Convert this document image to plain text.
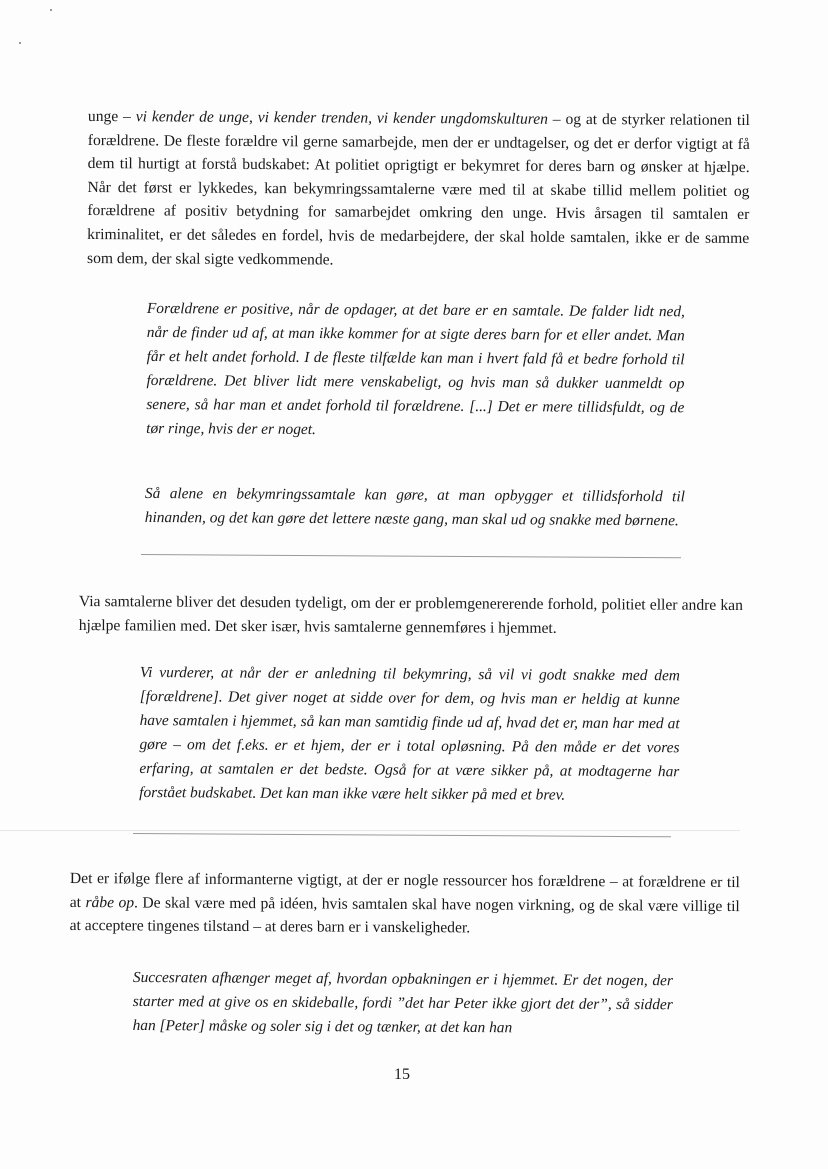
unge – vi kender de unge, vi kender trenden, vi kender ungdomskulturen – og at de styrker relationen til forældrene. De fleste forældre vil gerne samarbejde, men der er undtagelser, og det er derfor vigtigt at få dem til hurtigt at forstå budskabet: At politiet oprigtigt er bekymret for deres barn og ønsker at hjælpe. Når det først er lykkedes, kan bekymringssamtalerne være med til at skabe tillid mellem politiet og forældrene af positiv betydning for samarbejdet omkring den unge. Hvis årsagen til samtalen er kriminalitet, er det således en fordel, hvis de medarbejdere, der skal holde samtalen, ikke er de samme som dem, der skal sigte vedkommende.

Forældrene er positive, når de opdager, at det bare er en samtale. De falder lidt ned, når de finder ud af, at man ikke kommer for at sigte deres barn for et eller andet. Man får et helt andet forhold. I de fleste tilfælde kan man i hvert fald få et bedre forhold til forældrene. Det bliver lidt mere venskabeligt, og hvis man så dukker uanmeldt op senere, så har man et andet forhold til forældrene. [...] Det er mere tillidsfuldt, og de tør ringe, hvis der er noget.

Så alene en bekymringssamtale kan gøre, at man opbygger et tillidsforhold til hinanden, og det kan gøre det lettere næste gang, man skal ud og snakke med børnene.

Via samtalerne bliver det desuden tydeligt, om der er problemgenererende forhold, politiet eller andre kan hjælpe familien med. Det sker især, hvis samtalerne gennemføres i hjemmet.

Vi vurderer, at når der er anledning til bekymring, så vil vi godt snakke med dem [forældrene]. Det giver noget at sidde over for dem, og hvis man er heldig at kunne have samtalen i hjemmet, så kan man samtidig finde ud af, hvad det er, man har med at gøre – om det f.eks. er et hjem, der er i total opløsning. På den måde er det vores erfaring, at samtalen er det bedste. Også for at være sikker på, at modtagerne har forstået budskabet. Det kan man ikke være helt sikker på med et brev.

Det er ifølge flere af informanterne vigtigt, at der er nogle ressourcer hos forældrene – at forældrene er til at råbe op. De skal være med på idéen, hvis samtalen skal have nogen virkning, og de skal være villige til at acceptere tingenes tilstand – at deres barn er i vanskeligheder.

Succesraten afhænger meget af, hvordan opbakningen er i hjemmet. Er det nogen, der starter med at give os en skideballe, fordi ”det har Peter ikke gjort det der”, så sidder han [Peter] måske og soler sig i det og tænker, at det kan han

15
